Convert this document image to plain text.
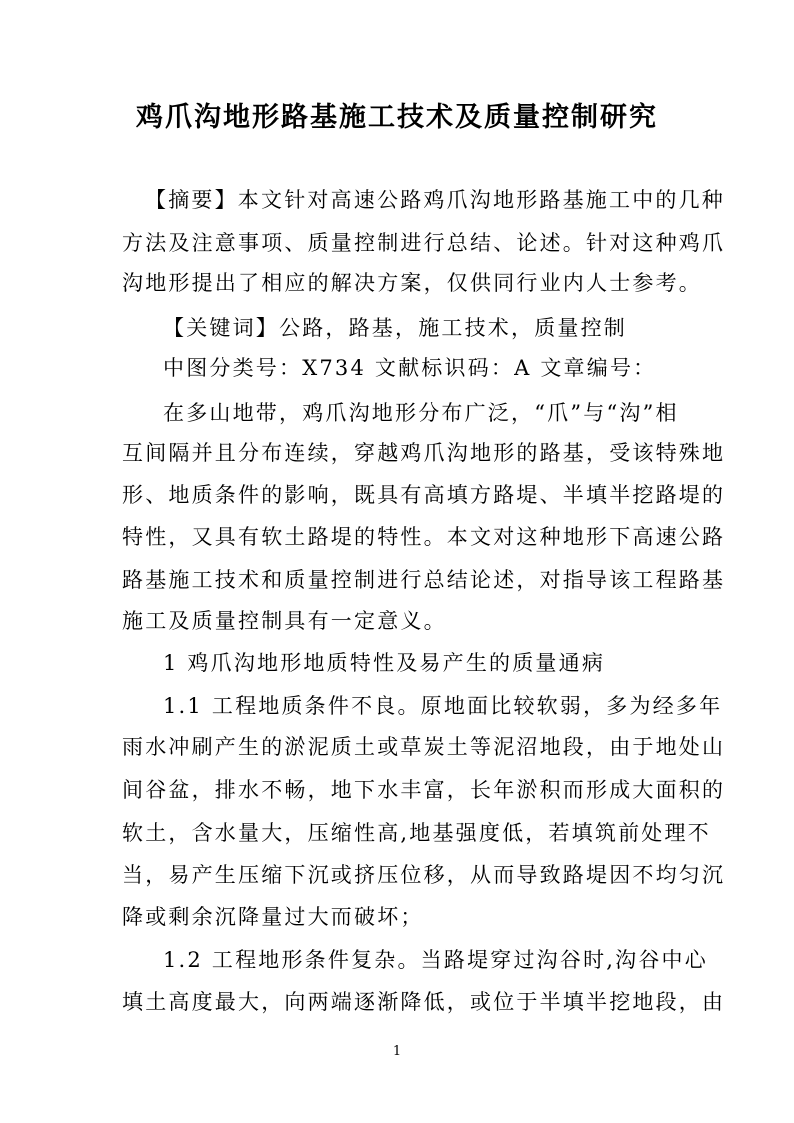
鸡爪沟地形路基施工技术及质量控制研究
【摘要】本文针对高速公路鸡爪沟地形路基施工中的几种
方法及注意事项、质量控制进行总结、论述。针对这种鸡爪
沟地形提出了相应的解决方案，仅供同行业内人士参考。
【关键词】公路，路基，施工技术，质量控制
中图分类号：X734 文献标识码：A 文章编号：
在多山地带，鸡爪沟地形分布广泛，“爪”与“沟”相
互间隔并且分布连续，穿越鸡爪沟地形的路基，受该特殊地
形、地质条件的影响，既具有高填方路堤、半填半挖路堤的
特性，又具有软土路堤的特性。本文对这种地形下高速公路
路基施工技术和质量控制进行总结论述，对指导该工程路基
施工及质量控制具有一定意义。
1 鸡爪沟地形地质特性及易产生的质量通病
1.1 工程地质条件不良。原地面比较软弱，多为经多年
雨水冲刷产生的淤泥质土或草炭土等泥沼地段，由于地处山
间谷盆，排水不畅，地下水丰富，长年淤积而形成大面积的
软土，含水量大，压缩性高,地基强度低，若填筑前处理不
当，易产生压缩下沉或挤压位移，从而导致路堤因不均匀沉
降或剩余沉降量过大而破坏；
1.2 工程地形条件复杂。当路堤穿过沟谷时,沟谷中心
填土高度最大，向两端逐渐降低，或位于半填半挖地段，由
1
